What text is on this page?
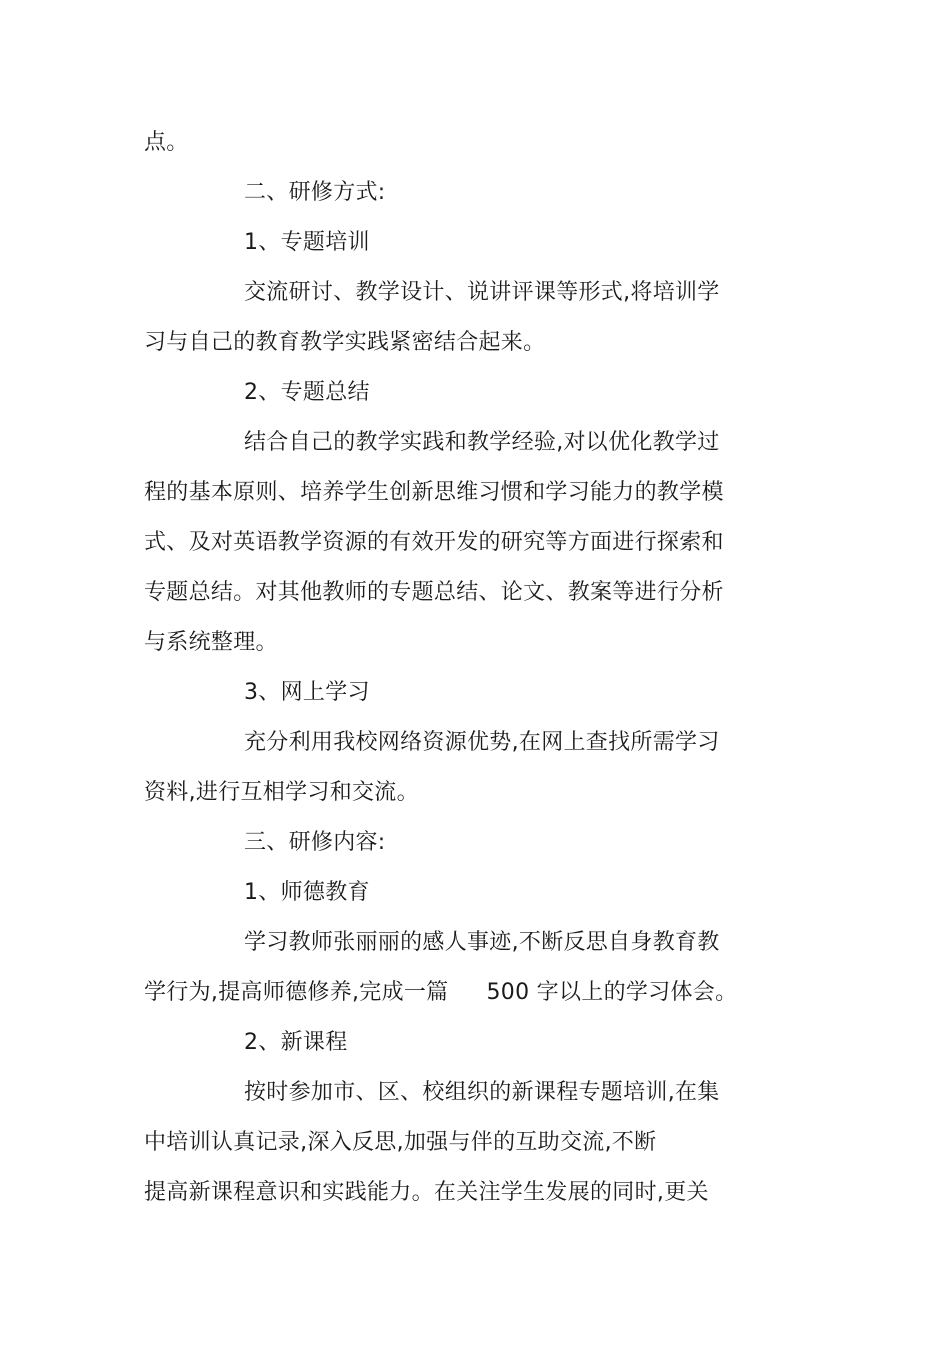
点。
二、研修方式:
1、专题培训
交流研讨、教学设计、说讲评课等形式,将培训学
习与自己的教育教学实践紧密结合起来。
2、专题总结
结合自己的教学实践和教学经验,对以优化教学过
程的基本原则、培养学生创新思维习惯和学习能力的教学模
式、及对英语教学资源的有效开发的研究等方面进行探索和
专题总结。对其他教师的专题总结、论文、教案等进行分析
与系统整理。
3、网上学习
充分利用我校网络资源优势,在网上查找所需学习
资料,进行互相学习和交流。
三、研修内容:
1、师德教育
学习教师张丽丽的感人事迹,不断反思自身教育教
学行为,提高师德修养,完成一篇 500 字以上的学习体会。
2、新课程
按时参加市、区、校组织的新课程专题培训,在集
中培训认真记录,深入反思,加强与伴的互助交流,不断
提高新课程意识和实践能力。在关注学生发展的同时,更关
